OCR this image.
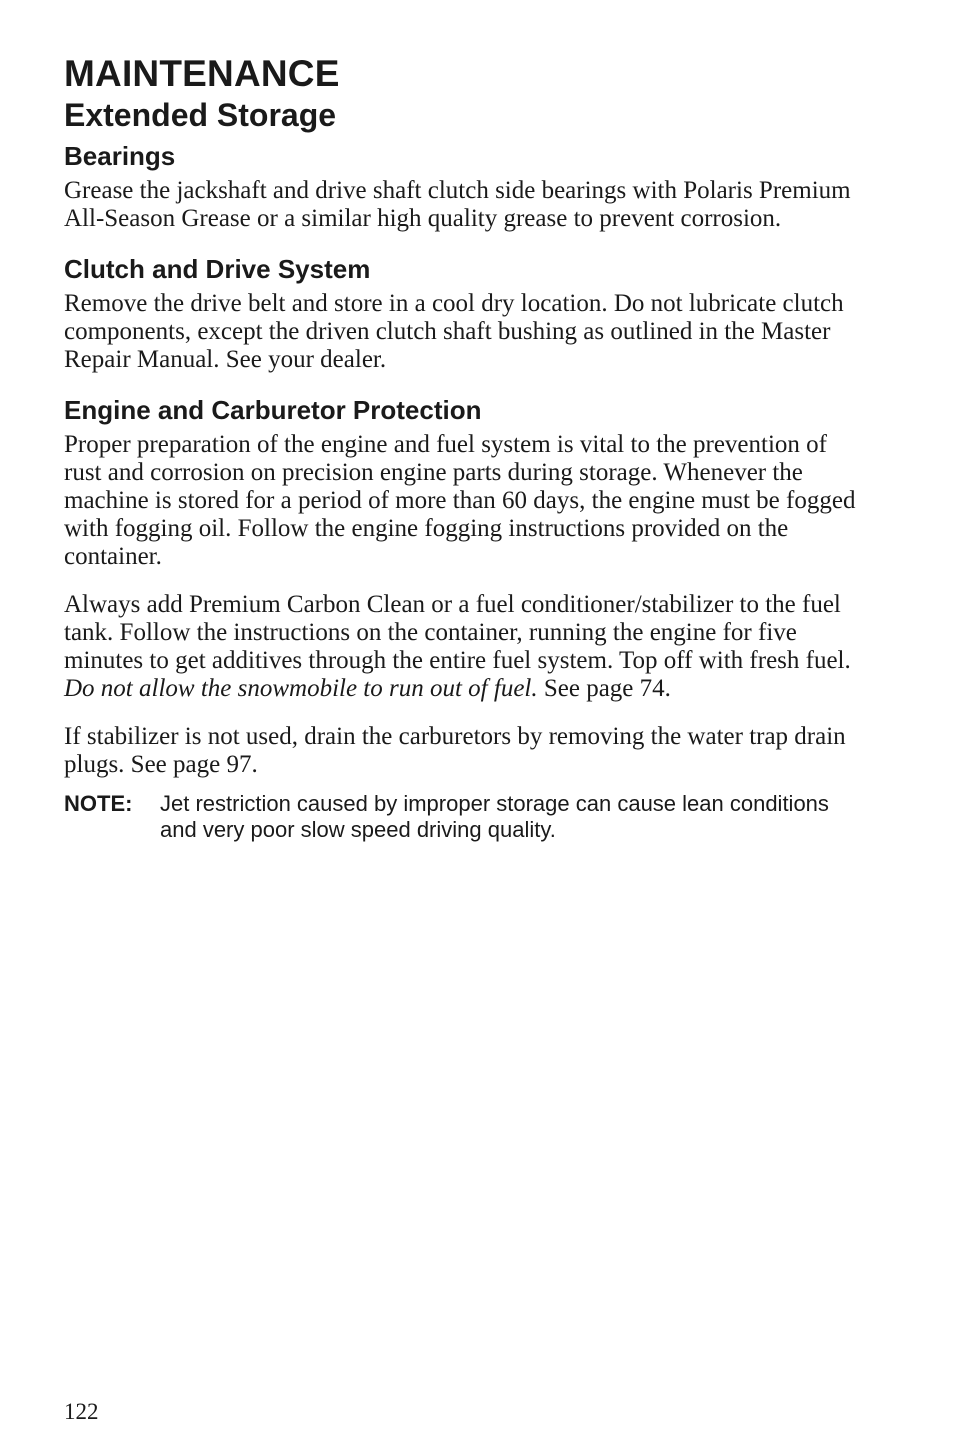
MAINTENANCE
Extended Storage
Bearings

Grease the jackshaft and drive shaft clutch side bearings with Polaris Premium All-Season Grease or a similar high quality grease to prevent corrosion.

Clutch and Drive System

Remove the drive belt and store in a cool dry location. Do not lubricate clutch components, except the driven clutch shaft bushing as outlined in the Master Repair Manual. See your dealer.

Engine and Carburetor Protection

Proper preparation of the engine and fuel system is vital to the prevention of rust and corrosion on precision engine parts during storage. Whenever the machine is stored for a period of more than 60 days, the engine must be fogged with fogging oil. Follow the engine fogging instructions provided on the container.

Always add Premium Carbon Clean or a fuel conditioner/stabilizer to the fuel tank. Follow the instructions on the container, running the engine for five minutes to get additives through the entire fuel system. Top off with fresh fuel. Do not allow the snowmobile to run out of fuel. See page 74.

If stabilizer is not used, drain the carburetors by removing the water trap drain plugs. See page 97.

NOTE:	Jet restriction caused by improper storage can cause lean conditions and very poor slow speed driving quality.
122
